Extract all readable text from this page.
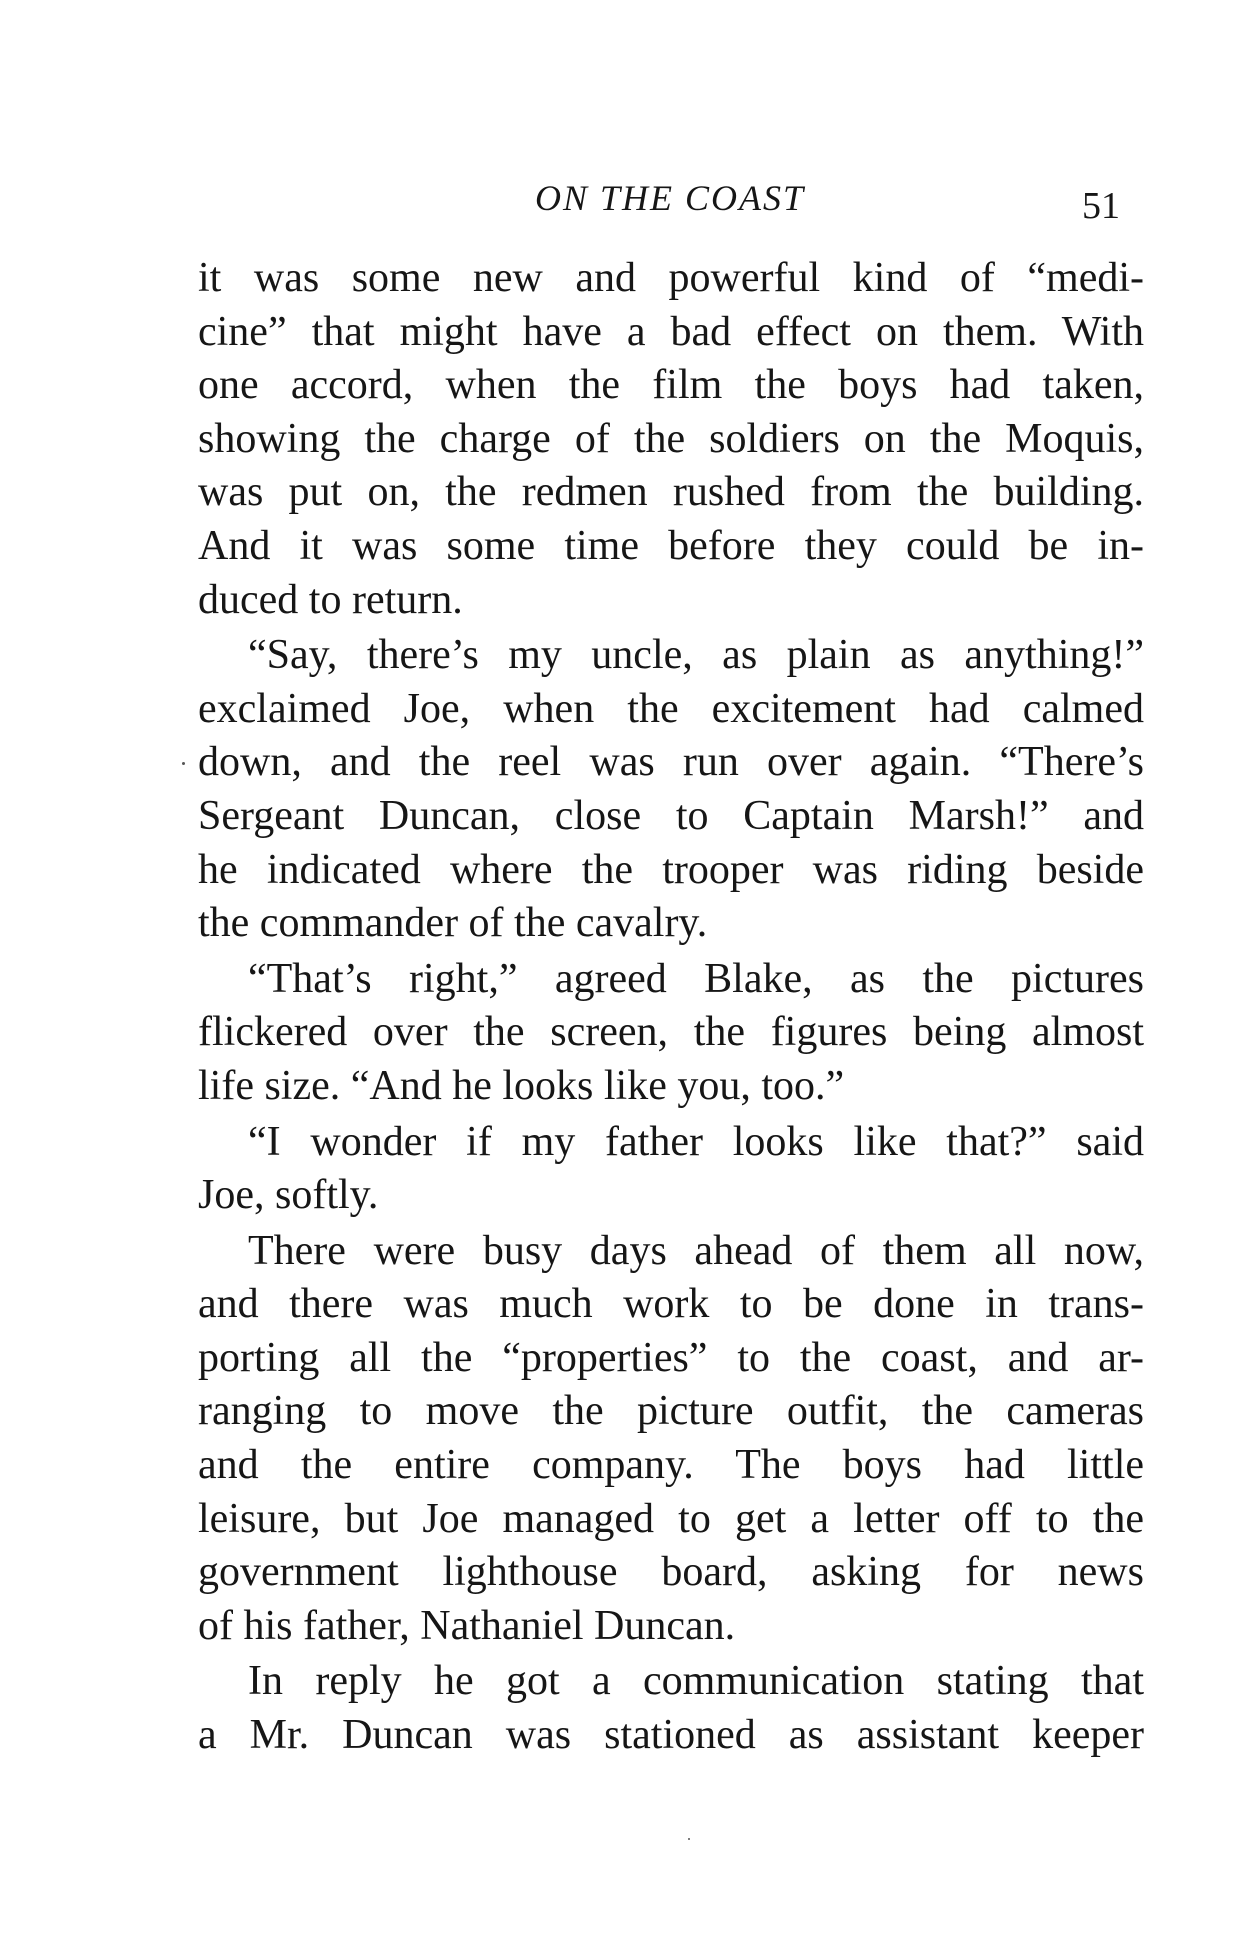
ON THE COAST	51
it was some new and powerful kind of “medi-
cine” that might have a bad effect on them. With
one accord, when the film the boys had taken,
showing the charge of the soldiers on the Moquis,
was put on, the redmen rushed from the building.
And it was some time before they could be in-
duced to return.
“Say, there’s my uncle, as plain as anything!”
exclaimed Joe, when the excitement had calmed
down, and the reel was run over again. “There’s
Sergeant Duncan, close to Captain Marsh!” and
he indicated where the trooper was riding beside
the commander of the cavalry.
“That’s right,” agreed Blake, as the pictures
flickered over the screen, the figures being almost
life size. “And he looks like you, too.”
“I wonder if my father looks like that?” said
Joe, softly.
There were busy days ahead of them all now,
and there was much work to be done in trans-
porting all the “properties” to the coast, and ar-
ranging to move the picture outfit, the cameras
and the entire company. The boys had little
leisure, but Joe managed to get a letter off to the
government lighthouse board, asking for news
of his father, Nathaniel Duncan.
In reply he got a communication stating that
a Mr. Duncan was stationed as assistant keeper
